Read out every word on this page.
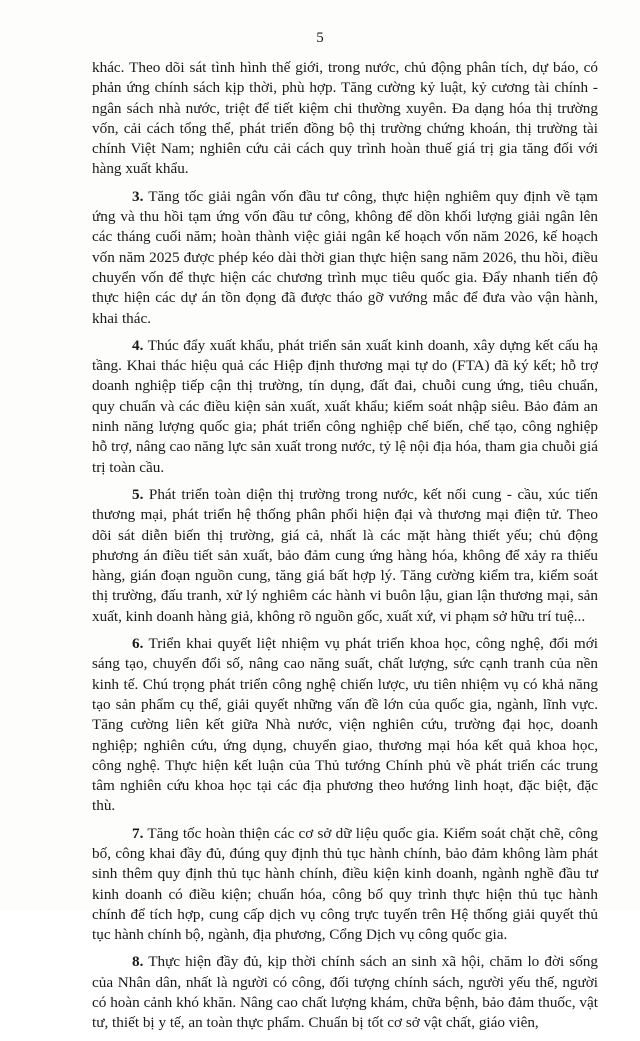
5

khác. Theo dõi sát tình hình thế giới, trong nước, chủ động phân tích, dự báo, có phản ứng chính sách kịp thời, phù hợp. Tăng cường kỷ luật, kỷ cương tài chính - ngân sách nhà nước, triệt để tiết kiệm chi thường xuyên. Đa dạng hóa thị trường vốn, cải cách tổng thể, phát triển đồng bộ thị trường chứng khoán, thị trường tài chính Việt Nam; nghiên cứu cải cách quy trình hoàn thuế giá trị gia tăng đối với hàng xuất khẩu.

3. Tăng tốc giải ngân vốn đầu tư công, thực hiện nghiêm quy định về tạm ứng và thu hồi tạm ứng vốn đầu tư công, không để dồn khối lượng giải ngân lên các tháng cuối năm; hoàn thành việc giải ngân kế hoạch vốn năm 2026, kế hoạch vốn năm 2025 được phép kéo dài thời gian thực hiện sang năm 2026, thu hồi, điều chuyển vốn để thực hiện các chương trình mục tiêu quốc gia. Đẩy nhanh tiến độ thực hiện các dự án tồn đọng đã được tháo gỡ vướng mắc để đưa vào vận hành, khai thác.

4. Thúc đẩy xuất khẩu, phát triển sản xuất kinh doanh, xây dựng kết cấu hạ tầng. Khai thác hiệu quả các Hiệp định thương mại tự do (FTA) đã ký kết; hỗ trợ doanh nghiệp tiếp cận thị trường, tín dụng, đất đai, chuỗi cung ứng, tiêu chuẩn, quy chuẩn và các điều kiện sản xuất, xuất khẩu; kiểm soát nhập siêu. Bảo đảm an ninh năng lượng quốc gia; phát triển công nghiệp chế biến, chế tạo, công nghiệp hỗ trợ, nâng cao năng lực sản xuất trong nước, tỷ lệ nội địa hóa, tham gia chuỗi giá trị toàn cầu.

5. Phát triển toàn diện thị trường trong nước, kết nối cung - cầu, xúc tiến thương mại, phát triển hệ thống phân phối hiện đại và thương mại điện tử. Theo dõi sát diễn biến thị trường, giá cả, nhất là các mặt hàng thiết yếu; chủ động phương án điều tiết sản xuất, bảo đảm cung ứng hàng hóa, không để xảy ra thiếu hàng, gián đoạn nguồn cung, tăng giá bất hợp lý. Tăng cường kiểm tra, kiểm soát thị trường, đấu tranh, xử lý nghiêm các hành vi buôn lậu, gian lận thương mại, sản xuất, kinh doanh hàng giả, không rõ nguồn gốc, xuất xứ, vi phạm sở hữu trí tuệ...

6. Triển khai quyết liệt nhiệm vụ phát triển khoa học, công nghệ, đổi mới sáng tạo, chuyển đổi số, nâng cao năng suất, chất lượng, sức cạnh tranh của nền kinh tế. Chú trọng phát triển công nghệ chiến lược, ưu tiên nhiệm vụ có khả năng tạo sản phẩm cụ thể, giải quyết những vấn đề lớn của quốc gia, ngành, lĩnh vực. Tăng cường liên kết giữa Nhà nước, viện nghiên cứu, trường đại học, doanh nghiệp; nghiên cứu, ứng dụng, chuyển giao, thương mại hóa kết quả khoa học, công nghệ. Thực hiện kết luận của Thủ tướng Chính phủ về phát triển các trung tâm nghiên cứu khoa học tại các địa phương theo hướng linh hoạt, đặc biệt, đặc thù.

7. Tăng tốc hoàn thiện các cơ sở dữ liệu quốc gia. Kiểm soát chặt chẽ, công bố, công khai đầy đủ, đúng quy định thủ tục hành chính, bảo đảm không làm phát sinh thêm quy định thủ tục hành chính, điều kiện kinh doanh, ngành nghề đầu tư kinh doanh có điều kiện; chuẩn hóa, công bố quy trình thực hiện thủ tục hành chính để tích hợp, cung cấp dịch vụ công trực tuyến trên Hệ thống giải quyết thủ tục hành chính bộ, ngành, địa phương, Cổng Dịch vụ công quốc gia.

8. Thực hiện đầy đủ, kịp thời chính sách an sinh xã hội, chăm lo đời sống của Nhân dân, nhất là người có công, đối tượng chính sách, người yếu thế, người có hoàn cảnh khó khăn. Nâng cao chất lượng khám, chữa bệnh, bảo đảm thuốc, vật tư, thiết bị y tế, an toàn thực phẩm. Chuẩn bị tốt cơ sở vật chất, giáo viên,
